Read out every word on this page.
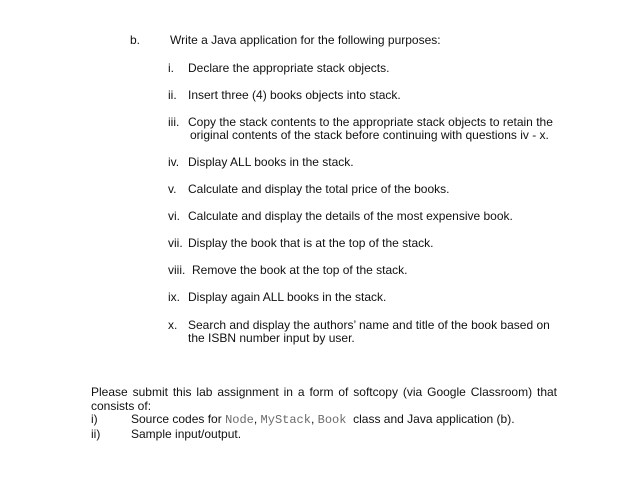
b. Write a Java application for the following purposes:
i. Declare the appropriate stack objects.
ii. Insert three (4) books objects into stack.
iii. Copy the stack contents to the appropriate stack objects to retain the
original contents of the stack before continuing with questions iv - x.
iv. Display ALL books in the stack.
v. Calculate and display the total price of the books.
vi. Calculate and display the details of the most expensive book.
vii. Display the book that is at the top of the stack.
viii. Remove the book at the top of the stack.
ix. Display again ALL books in the stack.
x. Search and display the authors’ name and title of the book based on
the ISBN number input by user.
Please submit this lab assignment in a form of softcopy (via Google Classroom) that
consists of:
i)	Source codes for Node, MyStack, Book  class and Java application (b).
ii)	Sample input/output.
